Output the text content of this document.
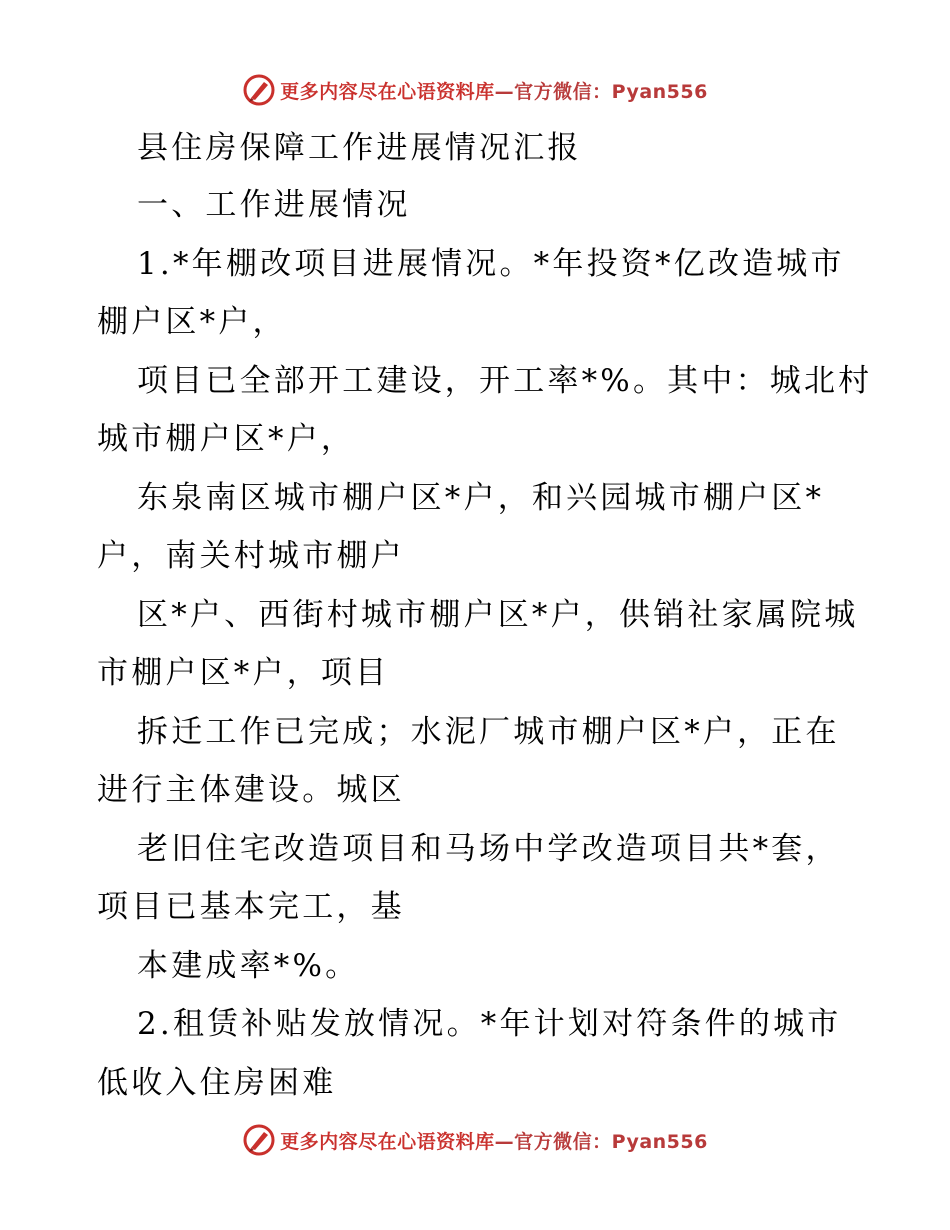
更多内容尽在心语资料库—官方微信：Pyan556
县住房保障工作进展情况汇报
一、工作进展情况
1.*年棚改项目进展情况。*年投资*亿改造城市
棚户区*户，
项目已全部开工建设，开工率*%。其中：城北村
城市棚户区*户，
东泉南区城市棚户区*户，和兴园城市棚户区*
户，南关村城市棚户
区*户、西街村城市棚户区*户，供销社家属院城
市棚户区*户，项目
拆迁工作已完成；水泥厂城市棚户区*户，正在
进行主体建设。城区
老旧住宅改造项目和马场中学改造项目共*套，
项目已基本完工，基
本建成率*%。
2.租赁补贴发放情况。*年计划对符条件的城市
低收入住房困难
更多内容尽在心语资料库—官方微信：Pyan556
